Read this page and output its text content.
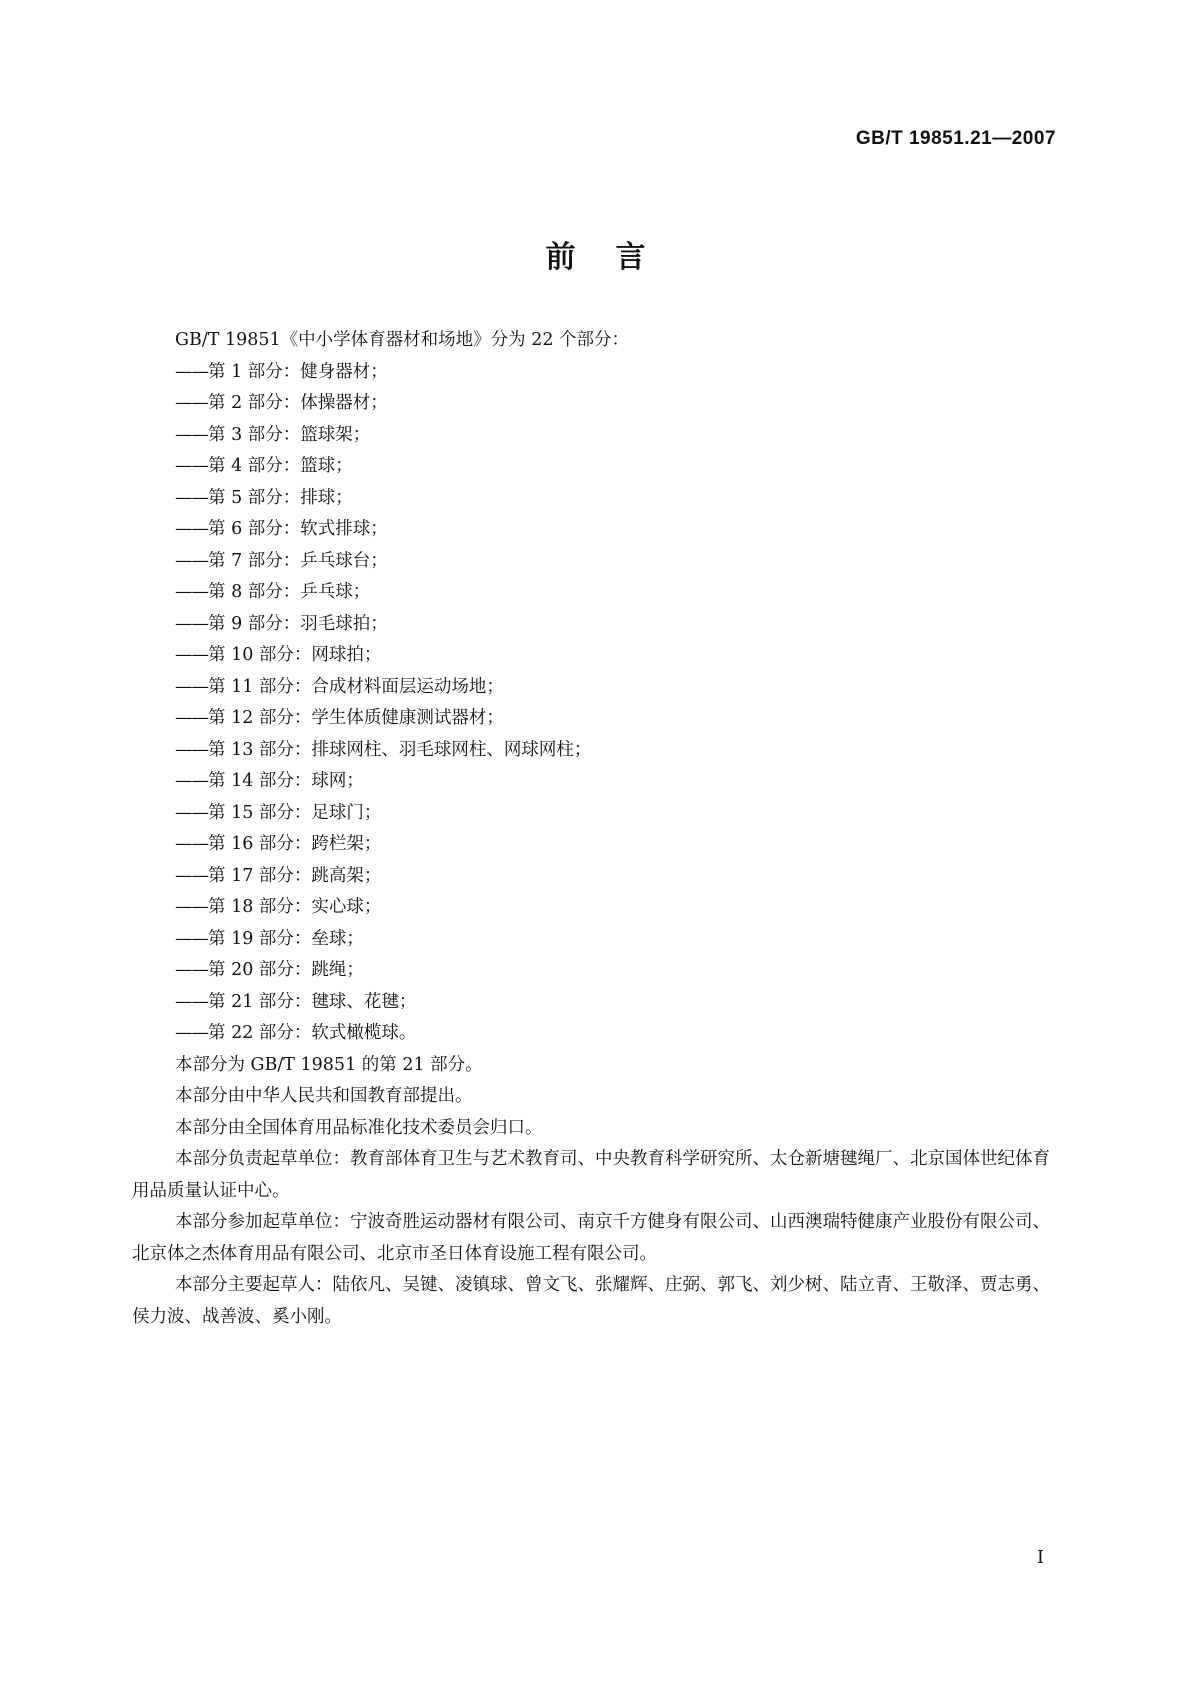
GB/T 19851.21—2007
前言

GB/T 19851《中小学体育器材和场地》分为 22 个部分：

——第 1 部分：健身器材；

——第 2 部分：体操器材；

——第 3 部分：篮球架；

——第 4 部分：篮球；

——第 5 部分：排球；

——第 6 部分：软式排球；

——第 7 部分：乒乓球台；

——第 8 部分：乒乓球；

——第 9 部分：羽毛球拍；

——第 10 部分：网球拍；

——第 11 部分：合成材料面层运动场地；

——第 12 部分：学生体质健康测试器材；

——第 13 部分：排球网柱、羽毛球网柱、网球网柱；

——第 14 部分：球网；

——第 15 部分：足球门；

——第 16 部分：跨栏架；

——第 17 部分：跳高架；

——第 18 部分：实心球；

——第 19 部分：垒球；

——第 20 部分：跳绳；

——第 21 部分：毽球、花毽；

——第 22 部分：软式橄榄球。

本部分为 GB/T 19851 的第 21 部分。

本部分由中华人民共和国教育部提出。

本部分由全国体育用品标准化技术委员会归口。

本部分负责起草单位：教育部体育卫生与艺术教育司、中央教育科学研究所、太仓新塘毽绳厂、北京国体世纪体育用品质量认证中心。

本部分参加起草单位：宁波奇胜运动器材有限公司、南京千方健身有限公司、山西澳瑞特健康产业股份有限公司、北京体之杰体育用品有限公司、北京市圣日体育设施工程有限公司。

本部分主要起草人：陆依凡、吴键、凌镇球、曾文飞、张耀辉、庄弼、郭飞、刘少树、陆立青、王敬泽、贾志勇、侯力波、战善波、奚小刚。

I
